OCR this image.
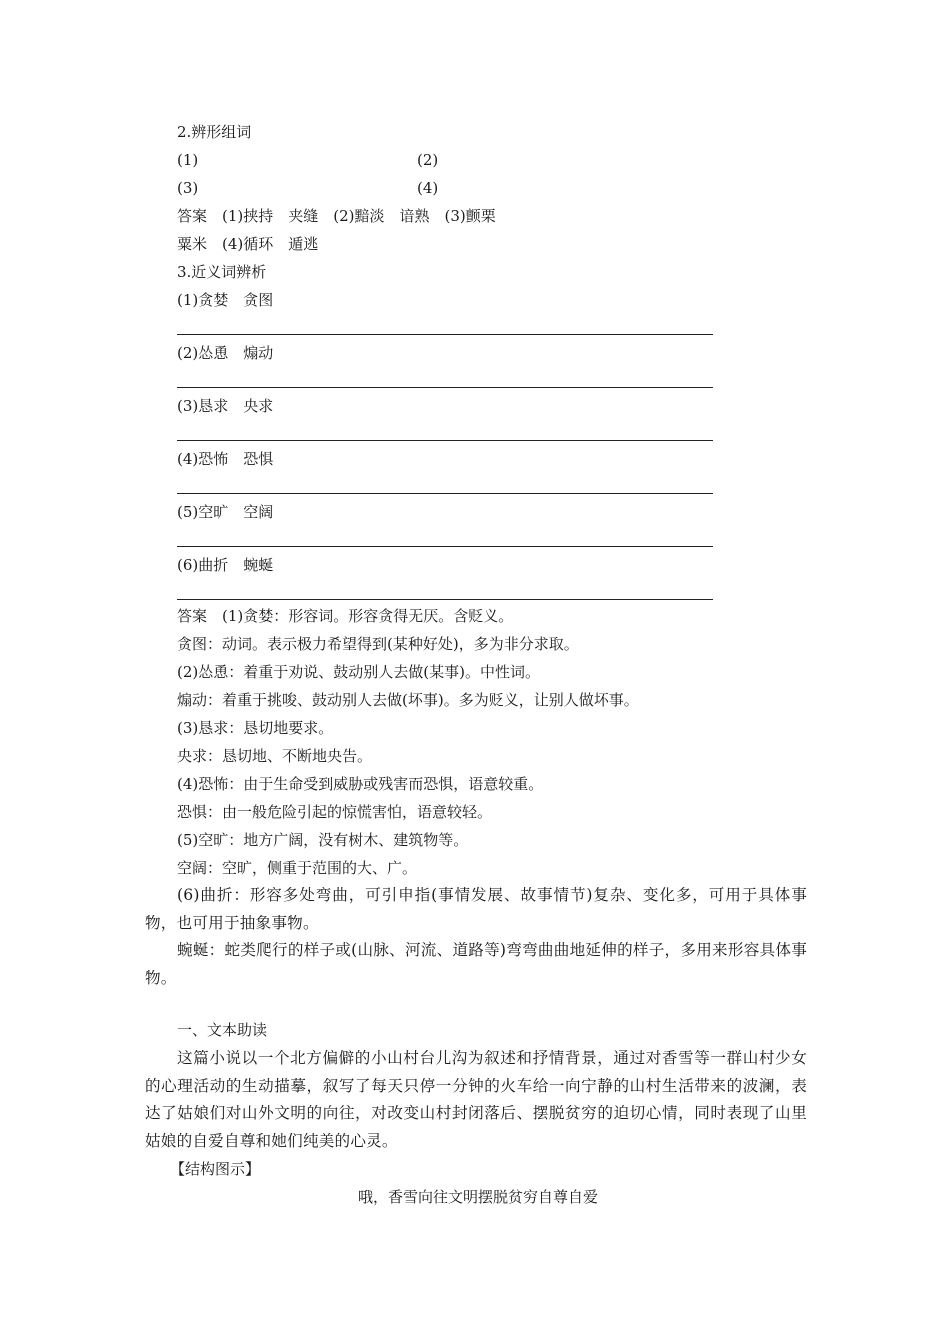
2.辨形组词
(1)	(2)
(3)	(4)
答案　(1)挟持　夹缝　(2)黯淡　谙熟　(3)颤栗
粟米　(4)循环　遁逃
3.近义词辨析
(1)贪婪　贪图
(2)怂恿　煽动
(3)恳求　央求
(4)恐怖　恐惧
(5)空旷　空阔
(6)曲折　蜿蜒
答案　(1)贪婪：形容词。形容贪得无厌。含贬义。
贪图：动词。表示极力希望得到(某种好处)，多为非分求取。
(2)怂恿：着重于劝说、鼓动别人去做(某事)。中性词。
煽动：着重于挑唆、鼓动别人去做(坏事)。多为贬义，让别人做坏事。
(3)恳求：恳切地要求。
央求：恳切地、不断地央告。
(4)恐怖：由于生命受到威胁或残害而恐惧，语意较重。
恐惧：由一般危险引起的惊慌害怕，语意较轻。
(5)空旷：地方广阔，没有树木、建筑物等。
空阔：空旷，侧重于范围的大、广。
(6)曲折：形容多处弯曲，可引申指(事情发展、故事情节)复杂、变化多，可用于具体事物，也可用于抽象事物。
蜿蜒：蛇类爬行的样子或(山脉、河流、道路等)弯弯曲曲地延伸的样子，多用来形容具体事物。
一、文本助读
这篇小说以一个北方偏僻的小山村台儿沟为叙述和抒情背景，通过对香雪等一群山村少女的心理活动的生动描摹，叙写了每天只停一分钟的火车给一向宁静的山村生活带来的波澜，表达了姑娘们对山外文明的向往，对改变山村封闭落后、摆脱贫穷的迫切心情，同时表现了山里姑娘的自爱自尊和她们纯美的心灵。
【结构图示】
哦，香雪向往文明摆脱贫穷自尊自爱
